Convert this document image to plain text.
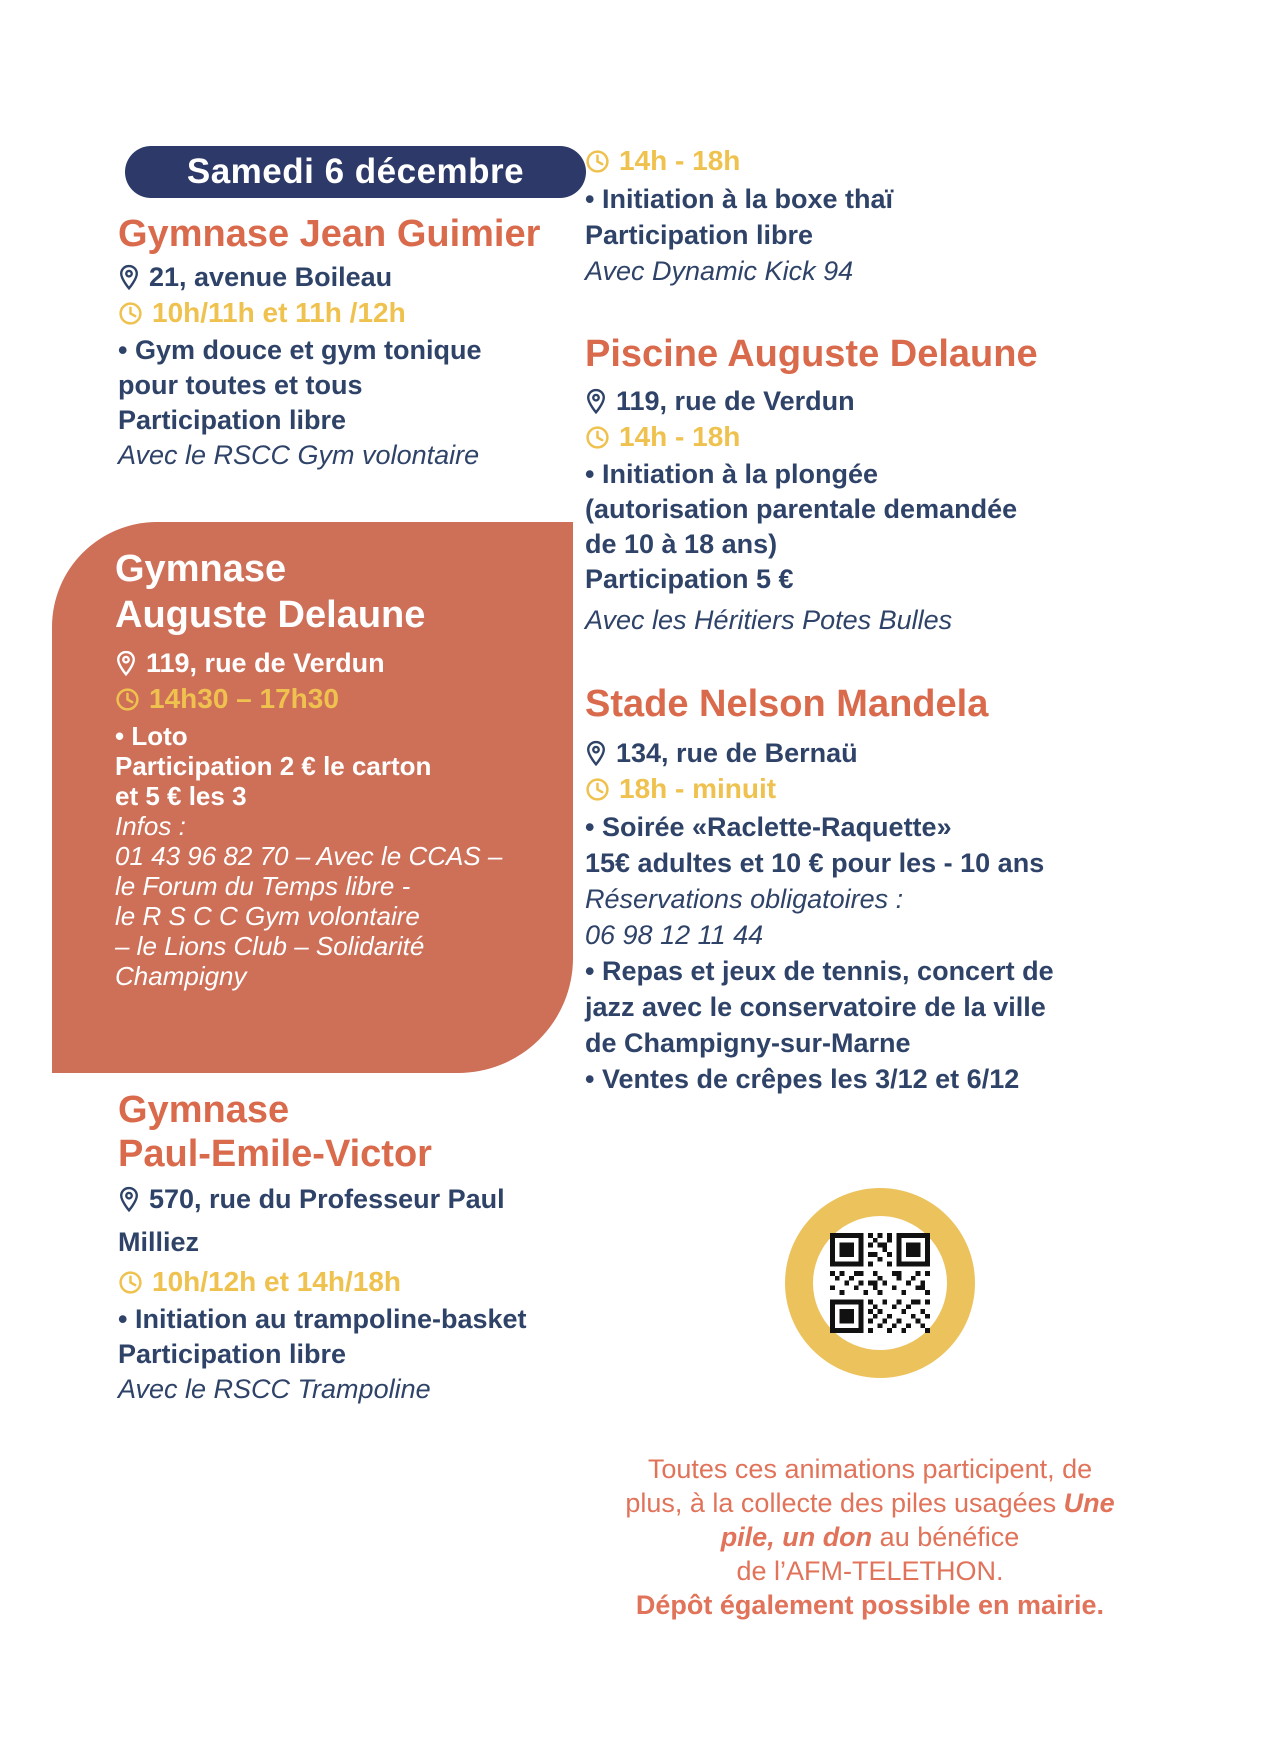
Samedi 6 décembre
Gymnase Jean Guimier
21, avenue Boileau
10h/11h et 11h /12h
• Gym douce et gym tonique
pour toutes et tous
Participation libre
Avec le RSCC Gym volontaire
Gymnase
Auguste Delaune
119, rue de Verdun
14h30 – 17h30
• Loto
Participation 2 € le carton
et 5 € les 3
Infos :
01 43 96 82 70 – Avec le CCAS –
le Forum du Temps libre -
le R S C C Gym volontaire
– le Lions Club – Solidarité
Champigny
Gymnase
Paul-Emile-Victor
570, rue du Professeur Paul
Milliez
10h/12h et 14h/18h
• Initiation au trampoline-basket
Participation libre
Avec le RSCC Trampoline
14h - 18h
• Initiation à la boxe thaï
Participation libre
Avec Dynamic Kick 94
Piscine Auguste Delaune
119, rue de Verdun
14h - 18h
• Initiation à la plongée
(autorisation parentale demandée
de 10 à 18 ans)
Participation 5 €
Avec les Héritiers Potes Bulles
Stade Nelson Mandela
134, rue de Bernaü
18h - minuit
• Soirée «Raclette-Raquette»
15€ adultes et 10 € pour les - 10 ans
Réservations obligatoires :
06 98 12 11 44
• Repas et jeux de tennis, concert de
jazz avec le conservatoire de la ville
de Champigny-sur-Marne
• Ventes de crêpes les 3/12 et 6/12
Toutes ces animations participent, de
plus, à la collecte des piles usagées Une
pile, un don au bénéfice
de l’AFM-TELETHON.
Dépôt également possible en mairie.
